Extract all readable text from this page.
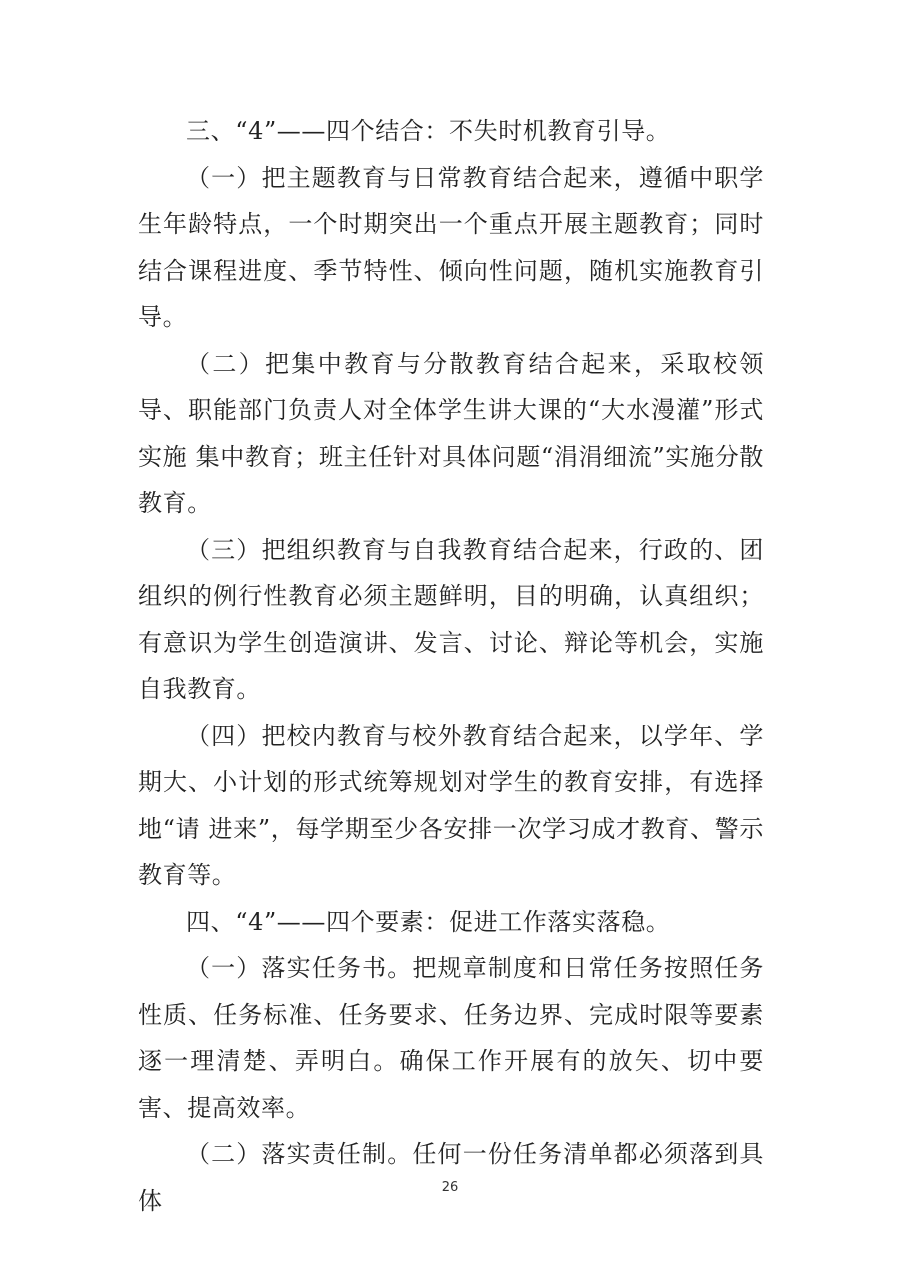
三、“4”——四个结合：不失时机教育引导。

（一）把主题教育与日常教育结合起来，遵循中职学生年龄特点，一个时期突出一个重点开展主题教育；同时结合课程进度、季节特性、倾向性问题，随机实施教育引导。

（二）把集中教育与分散教育结合起来，采取校领导、职能部门负责人对全体学生讲大课的“大水漫灌”形式实施 集中教育；班主任针对具体问题“涓涓细流”实施分散教育。

（三）把组织教育与自我教育结合起来，行政的、团组织的例行性教育必须主题鲜明，目的明确，认真组织；有意识为学生创造演讲、发言、讨论、辩论等机会，实施自我教育。

（四）把校内教育与校外教育结合起来，以学年、学期大、小计划的形式统筹规划对学生的教育安排，有选择地“请 进来”，每学期至少各安排一次学习成才教育、警示教育等。

四、“4”——四个要素：促进工作落实落稳。

（一）落实任务书。把规章制度和日常任务按照任务性质、任务标准、任务要求、任务边界、完成时限等要素逐一理清楚、弄明白。确保工作开展有的放矢、切中要害、提高效率。

（二）落实责任制。任何一份任务清单都必须落到具体	26
